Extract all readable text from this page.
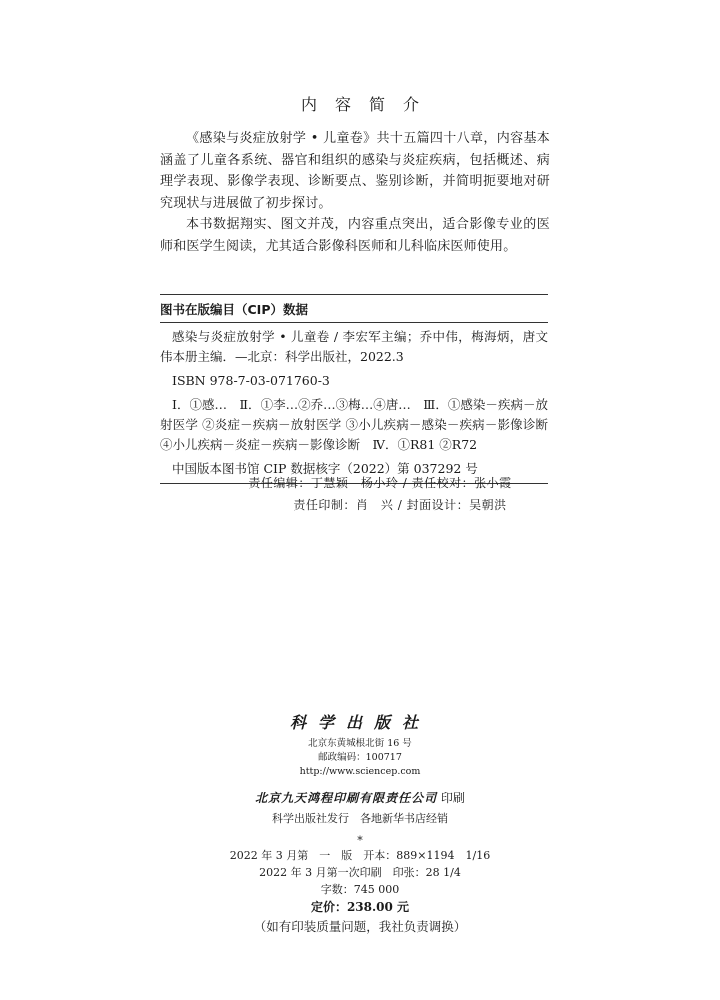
内容简介

《感染与炎症放射学 • 儿童卷》共十五篇四十八章，内容基本涵盖了儿童各系统、器官和组织的感染与炎症疾病，包括概述、病理学表现、影像学表现、诊断要点、鉴别诊断，并简明扼要地对研究现状与进展做了初步探讨。

本书数据翔实、图文并茂，内容重点突出，适合影像专业的医师和医学生阅读，尤其适合影像科医师和儿科临床医师使用。

图书在版编目（CIP）数据
感染与炎症放射学 • 儿童卷 / 李宏军主编；乔中伟，梅海炳，唐文伟本册主编．—北京：科学出版社，2022.3
ISBN 978-7-03-071760-3
Ⅰ．①感…　Ⅱ．①李…②乔…③梅…④唐…　Ⅲ．①感染－疾病－放射医学 ②炎症－疾病－放射医学 ③小儿疾病－感染－疾病－影像诊断 ④小儿疾病－炎症－疾病－影像诊断　Ⅳ．①R81 ②R72
中国版本图书馆 CIP 数据核字（2022）第 037292 号
责任编辑：丁慧颖　杨小玲 / 责任校对：张小霞
责任印制：肖　兴 / 封面设计：吴朝洪
科学出版社
北京东黄城根北街 16 号
邮政编码：100717
http://www.sciencep.com
北京九天鸿程印刷有限责任公司 印刷
科学出版社发行　各地新华书店经销
*
2022 年 3 月第　一　版　开本：889×1194　1/16
2022 年 3 月第一次印刷　印张：28 1/4
字数：745 000
定价：238.00 元
（如有印装质量问题，我社负责调换）
